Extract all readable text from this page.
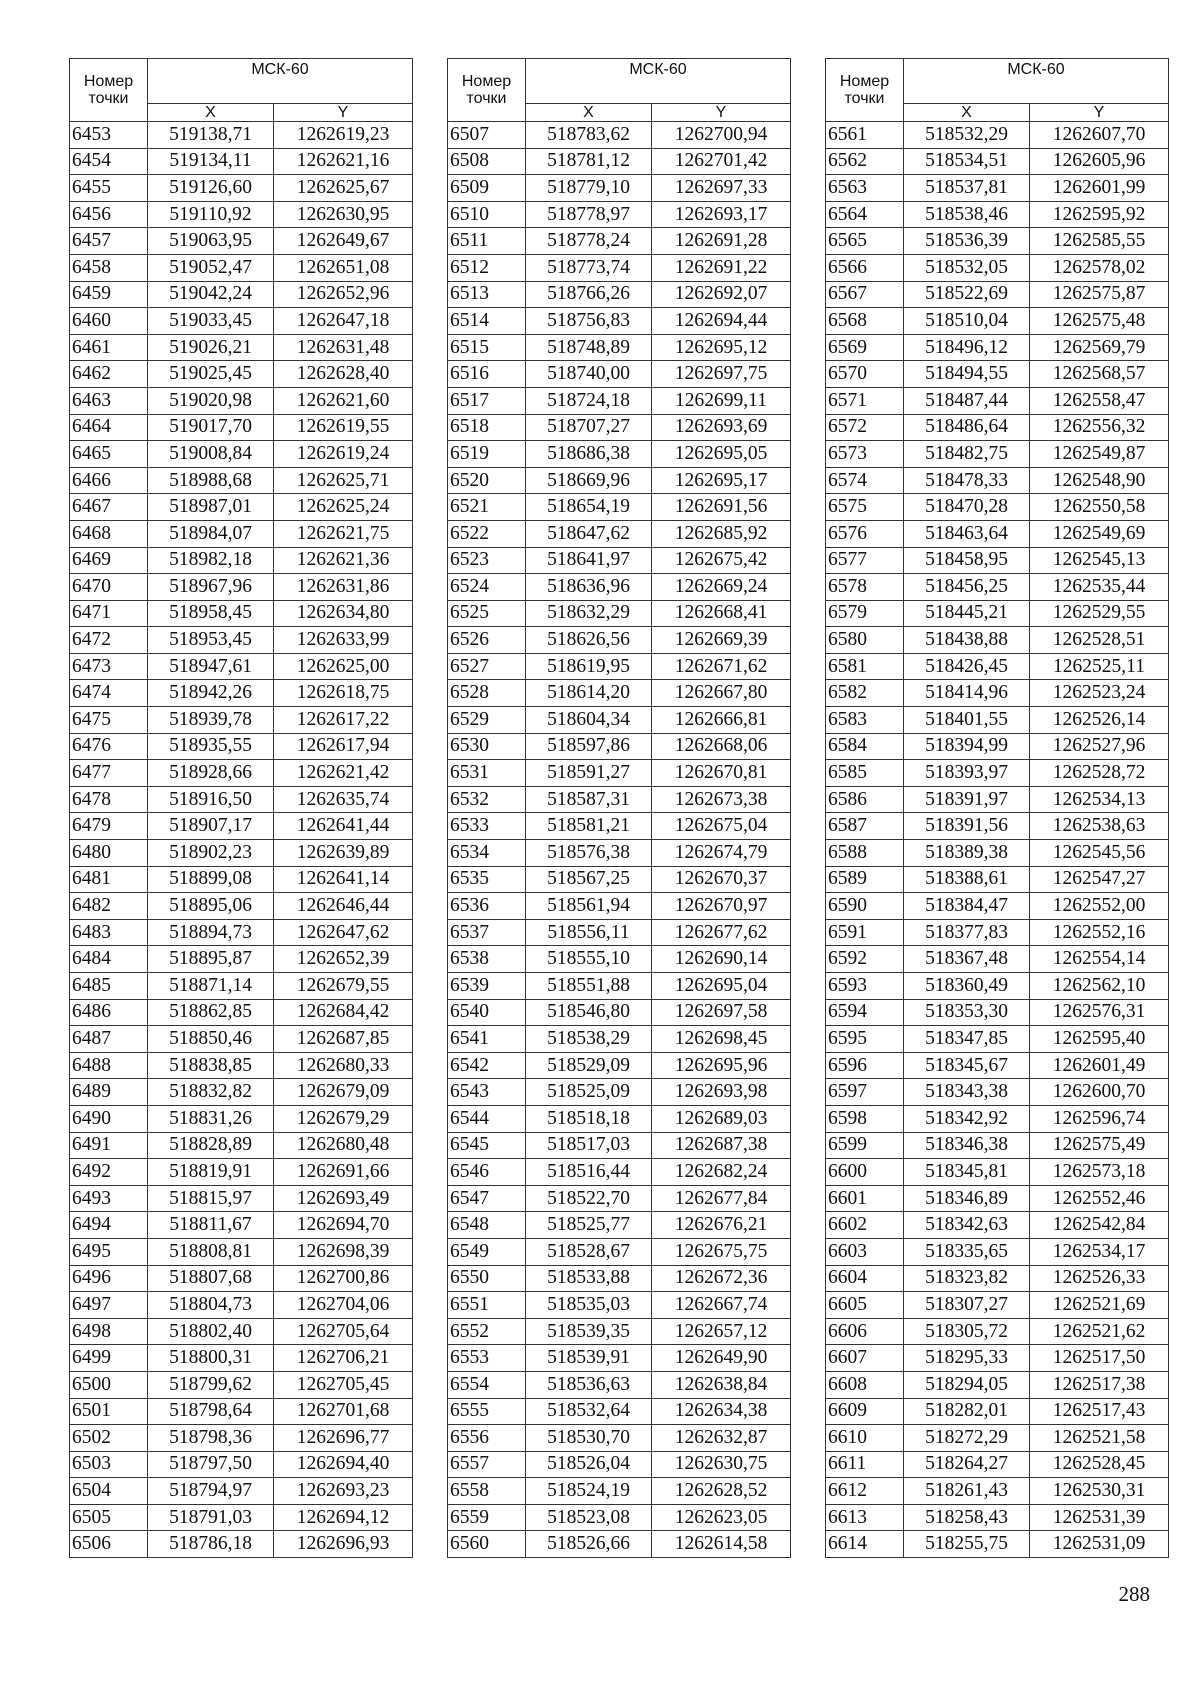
Номер точки	МСК-60	
	X	Y
6453	519138,71	1262619,23
6454	519134,11	1262621,16
6455	519126,60	1262625,67
6456	519110,92	1262630,95
6457	519063,95	1262649,67
6458	519052,47	1262651,08
6459	519042,24	1262652,96
6460	519033,45	1262647,18
6461	519026,21	1262631,48
6462	519025,45	1262628,40
6463	519020,98	1262621,60
6464	519017,70	1262619,55
6465	519008,84	1262619,24
6466	518988,68	1262625,71
6467	518987,01	1262625,24
6468	518984,07	1262621,75
6469	518982,18	1262621,36
6470	518967,96	1262631,86
6471	518958,45	1262634,80
6472	518953,45	1262633,99
6473	518947,61	1262625,00
6474	518942,26	1262618,75
6475	518939,78	1262617,22
6476	518935,55	1262617,94
6477	518928,66	1262621,42
6478	518916,50	1262635,74
6479	518907,17	1262641,44
6480	518902,23	1262639,89
6481	518899,08	1262641,14
6482	518895,06	1262646,44
6483	518894,73	1262647,62
6484	518895,87	1262652,39
6485	518871,14	1262679,55
6486	518862,85	1262684,42
6487	518850,46	1262687,85
6488	518838,85	1262680,33
6489	518832,82	1262679,09
6490	518831,26	1262679,29
6491	518828,89	1262680,48
6492	518819,91	1262691,66
6493	518815,97	1262693,49
6494	518811,67	1262694,70
6495	518808,81	1262698,39
6496	518807,68	1262700,86
6497	518804,73	1262704,06
6498	518802,40	1262705,64
6499	518800,31	1262706,21
6500	518799,62	1262705,45
6501	518798,64	1262701,68
6502	518798,36	1262696,77
6503	518797,50	1262694,40
6504	518794,97	1262693,23
6505	518791,03	1262694,12
6506	518786,18	1262696,93
Номер точки	МСК-60	
	X	Y
6507	518783,62	1262700,94
6508	518781,12	1262701,42
6509	518779,10	1262697,33
6510	518778,97	1262693,17
6511	518778,24	1262691,28
6512	518773,74	1262691,22
6513	518766,26	1262692,07
6514	518756,83	1262694,44
6515	518748,89	1262695,12
6516	518740,00	1262697,75
6517	518724,18	1262699,11
6518	518707,27	1262693,69
6519	518686,38	1262695,05
6520	518669,96	1262695,17
6521	518654,19	1262691,56
6522	518647,62	1262685,92
6523	518641,97	1262675,42
6524	518636,96	1262669,24
6525	518632,29	1262668,41
6526	518626,56	1262669,39
6527	518619,95	1262671,62
6528	518614,20	1262667,80
6529	518604,34	1262666,81
6530	518597,86	1262668,06
6531	518591,27	1262670,81
6532	518587,31	1262673,38
6533	518581,21	1262675,04
6534	518576,38	1262674,79
6535	518567,25	1262670,37
6536	518561,94	1262670,97
6537	518556,11	1262677,62
6538	518555,10	1262690,14
6539	518551,88	1262695,04
6540	518546,80	1262697,58
6541	518538,29	1262698,45
6542	518529,09	1262695,96
6543	518525,09	1262693,98
6544	518518,18	1262689,03
6545	518517,03	1262687,38
6546	518516,44	1262682,24
6547	518522,70	1262677,84
6548	518525,77	1262676,21
6549	518528,67	1262675,75
6550	518533,88	1262672,36
6551	518535,03	1262667,74
6552	518539,35	1262657,12
6553	518539,91	1262649,90
6554	518536,63	1262638,84
6555	518532,64	1262634,38
6556	518530,70	1262632,87
6557	518526,04	1262630,75
6558	518524,19	1262628,52
6559	518523,08	1262623,05
6560	518526,66	1262614,58
Номер точки	МСК-60	
	X	Y
6561	518532,29	1262607,70
6562	518534,51	1262605,96
6563	518537,81	1262601,99
6564	518538,46	1262595,92
6565	518536,39	1262585,55
6566	518532,05	1262578,02
6567	518522,69	1262575,87
6568	518510,04	1262575,48
6569	518496,12	1262569,79
6570	518494,55	1262568,57
6571	518487,44	1262558,47
6572	518486,64	1262556,32
6573	518482,75	1262549,87
6574	518478,33	1262548,90
6575	518470,28	1262550,58
6576	518463,64	1262549,69
6577	518458,95	1262545,13
6578	518456,25	1262535,44
6579	518445,21	1262529,55
6580	518438,88	1262528,51
6581	518426,45	1262525,11
6582	518414,96	1262523,24
6583	518401,55	1262526,14
6584	518394,99	1262527,96
6585	518393,97	1262528,72
6586	518391,97	1262534,13
6587	518391,56	1262538,63
6588	518389,38	1262545,56
6589	518388,61	1262547,27
6590	518384,47	1262552,00
6591	518377,83	1262552,16
6592	518367,48	1262554,14
6593	518360,49	1262562,10
6594	518353,30	1262576,31
6595	518347,85	1262595,40
6596	518345,67	1262601,49
6597	518343,38	1262600,70
6598	518342,92	1262596,74
6599	518346,38	1262575,49
6600	518345,81	1262573,18
6601	518346,89	1262552,46
6602	518342,63	1262542,84
6603	518335,65	1262534,17
6604	518323,82	1262526,33
6605	518307,27	1262521,69
6606	518305,72	1262521,62
6607	518295,33	1262517,50
6608	518294,05	1262517,38
6609	518282,01	1262517,43
6610	518272,29	1262521,58
6611	518264,27	1262528,45
6612	518261,43	1262530,31
6613	518258,43	1262531,39
6614	518255,75	1262531,09
288
